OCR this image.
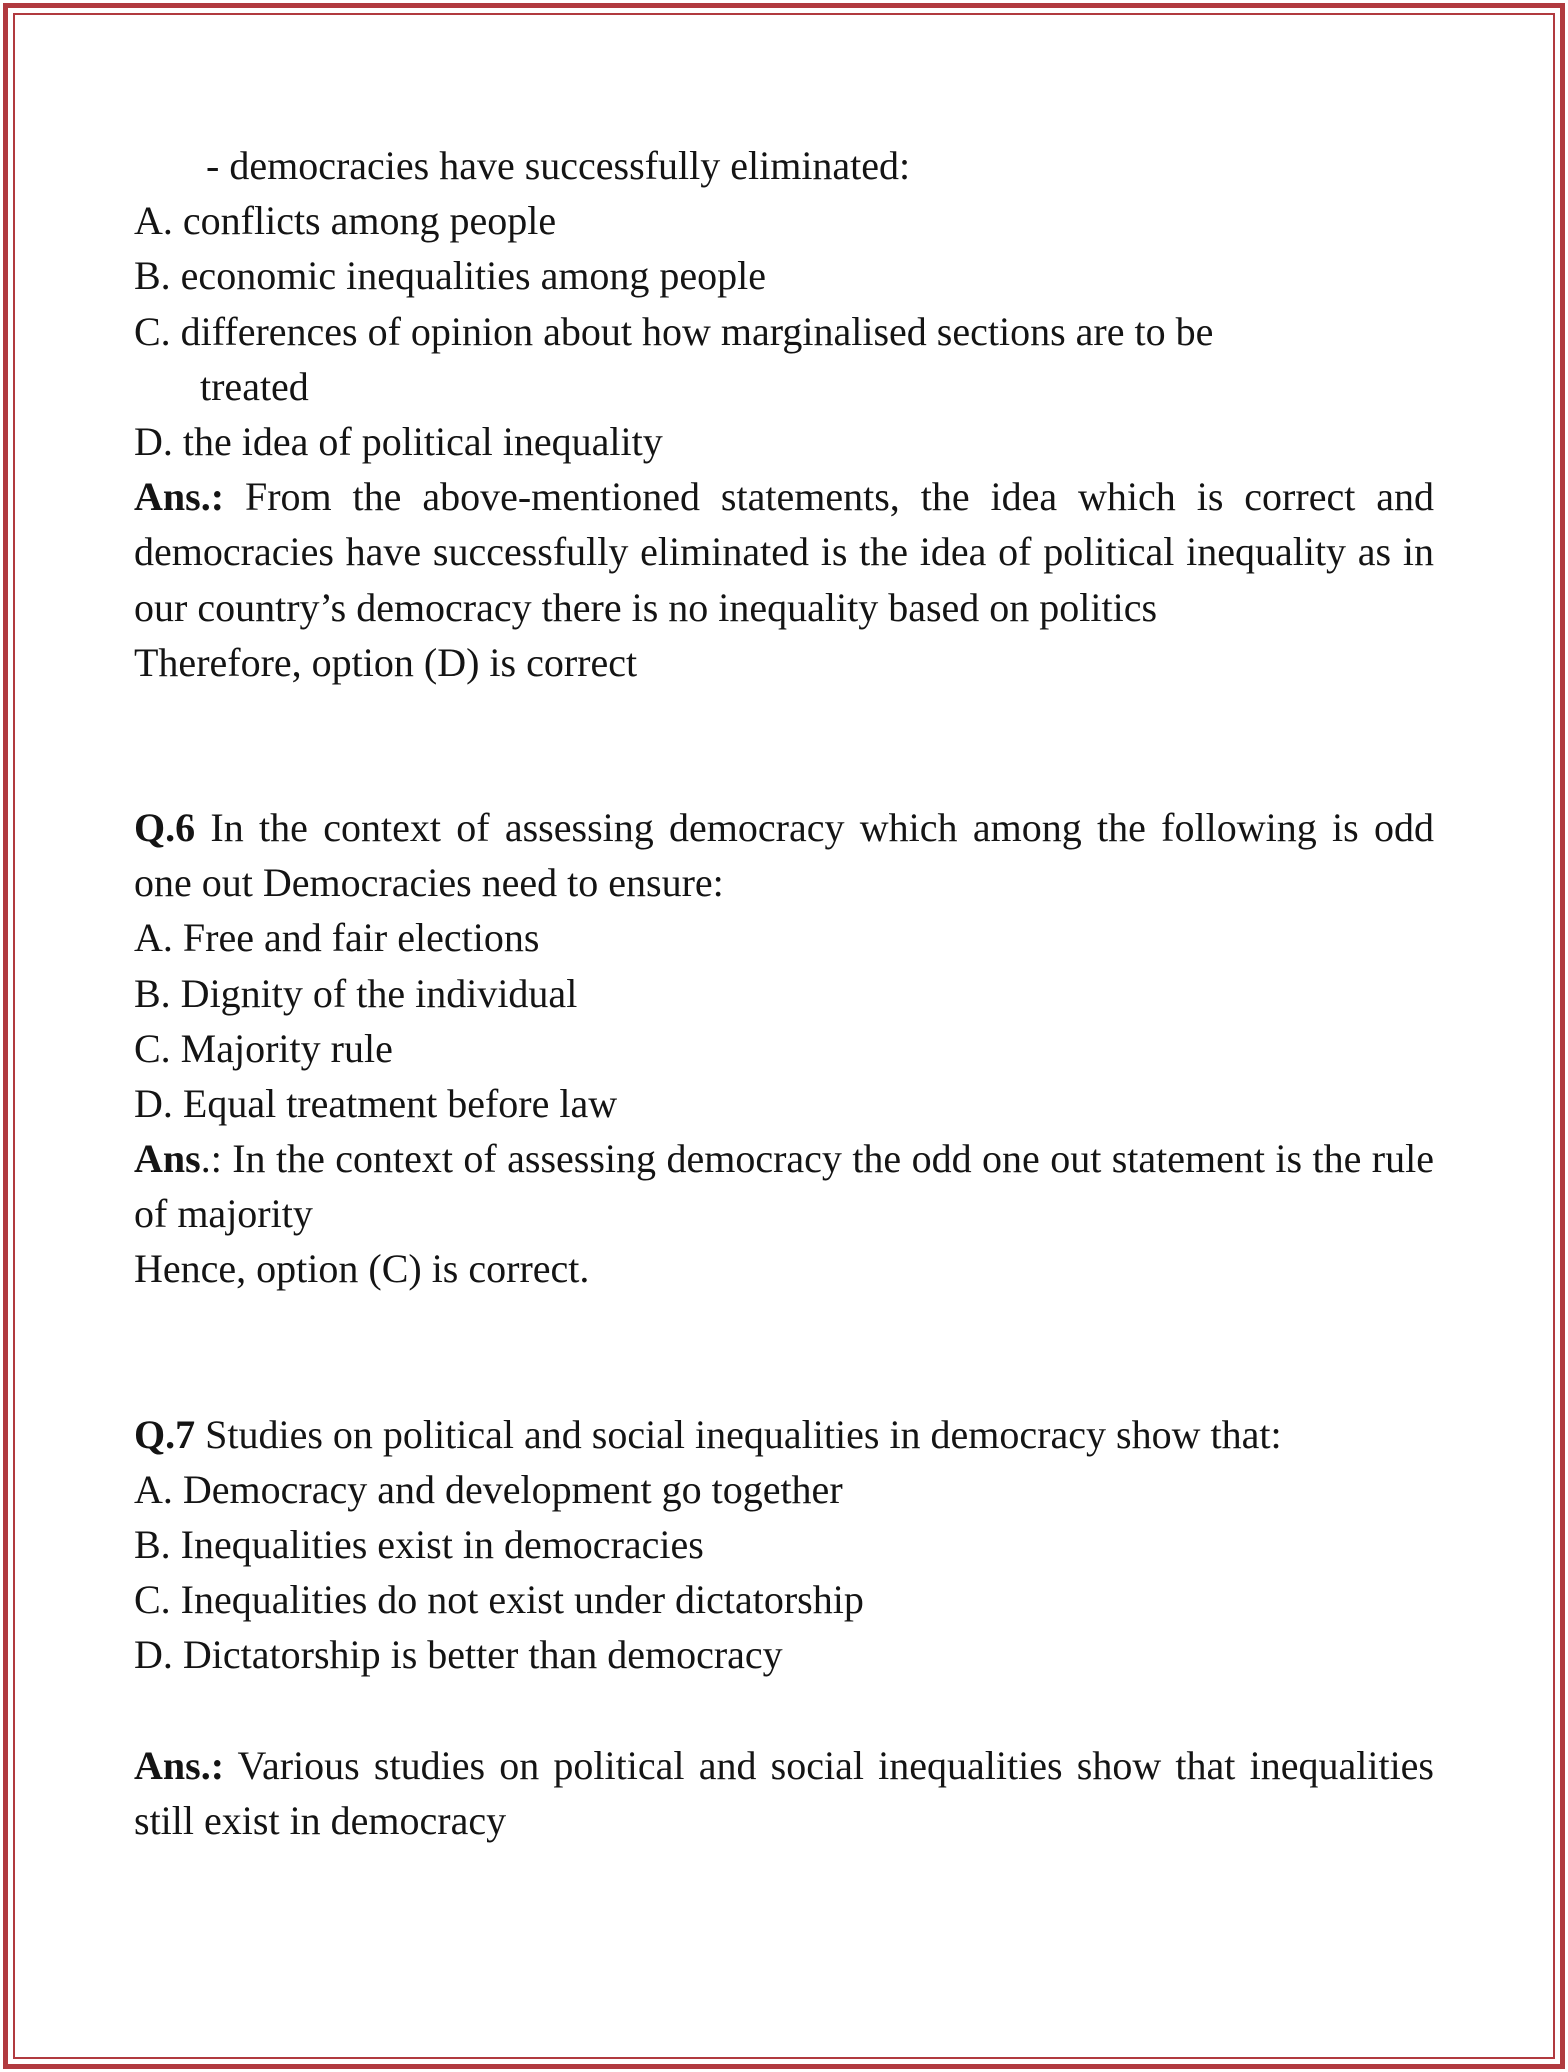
- democracies have successfully eliminated:
A. conflicts among people
B. economic inequalities among people
C. differences of opinion about how marginalised sections are to be
treated
D. the idea of political inequality

Ans.: From the above-mentioned statements, the idea which is correct and democracies have successfully eliminated is the idea of political inequality as in our country’s democracy there is no inequality based on politics

Therefore, option (D) is correct

Q.6 In the context of assessing democracy which among the following is odd one out Democracies need to ensure:

A. Free and fair elections
B. Dignity of the individual
C. Majority rule
D. Equal treatment before law

Ans.: In the context of assessing democracy the odd one out statement is the rule of majority

Hence, option (C) is correct.

Q.7 Studies on political and social inequalities in democracy show that:

A. Democracy and development go together
B. Inequalities exist in democracies
C. Inequalities do not exist under dictatorship
D. Dictatorship is better than democracy

Ans.: Various studies on political and social inequalities show that inequalities still exist in democracy
